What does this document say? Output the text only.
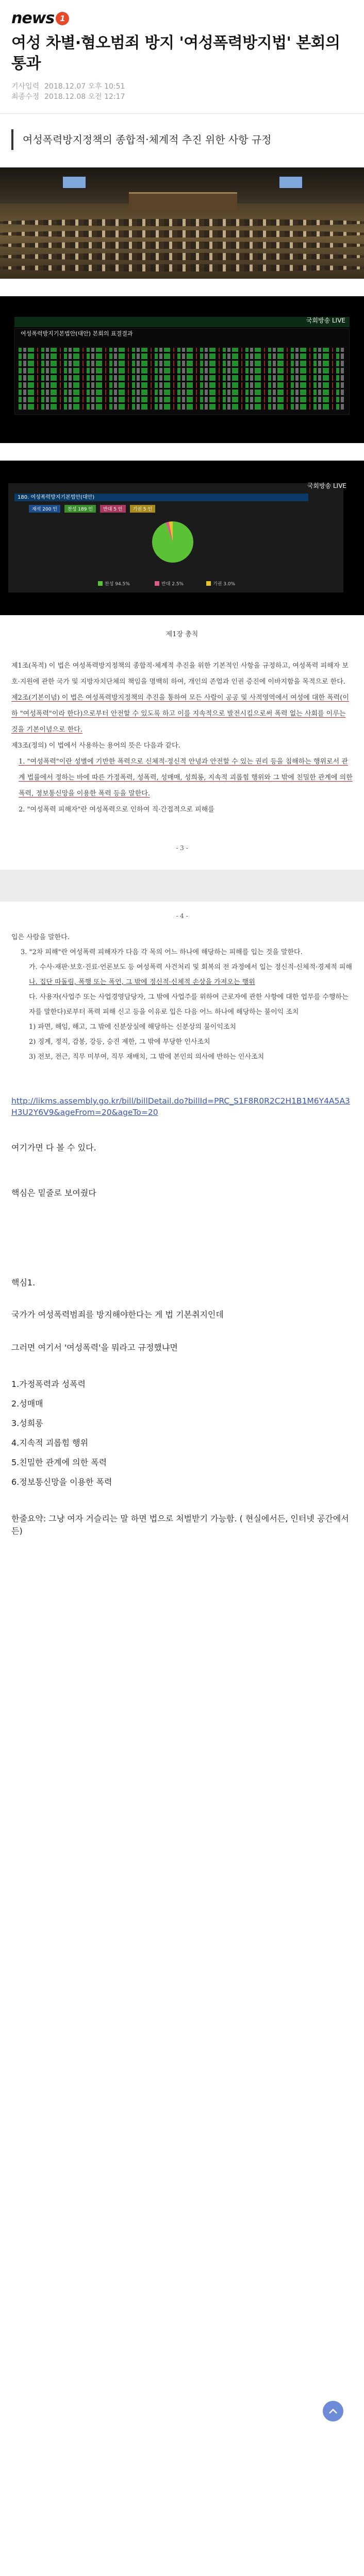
news 1
여성 차별·혐오범죄 방지 '여성폭력방지법' 본회의 통과
기사입력 2018.12.07 오후 10:51
최종수정 2018.12.08 오전 12:17
여성폭력방지정책의 종합적·체계적 추진 위한 사항 규정
여성폭력방지기본법안(대안) 본회의 표결결과
국회방송 LIVE
국회방송 LIVE
180. 여성폭력방지기본법안(대안)
재석 200 인	찬성 189 인	반대 5 인	기권 5 인
찬성 94.5%	반대 2.5%	기권 3.0%
제1장 총칙

제1조(목적) 이 법은 여성폭력방지정책의 종합적·체계적 추진을 위한 기본적인 사항을 규정하고, 여성폭력 피해자 보호·지원에 관한 국가 및 지방자치단체의 책임을 명백히 하여, 개인의 존엄과 인권 증진에 이바지함을 목적으로 한다.

제2조(기본이념) 이 법은 여성폭력방지정책의 추진을 통하여 모든 사람이 공공 및 사적영역에서 여성에 대한 폭력(이하 "여성폭력"이라 한다)으로부터 안전할 수 있도록 하고 이를 지속적으로 발전시킴으로써 폭력 없는 사회를 이루는 것을 기본이념으로 한다.

제3조(정의) 이 법에서 사용하는 용어의 뜻은 다음과 같다.

1. "여성폭력"이란 성별에 기반한 폭력으로 신체적·정신적 안녕과 안전할 수 있는 권리 등을 침해하는 행위로서 관계 법률에서 정하는 바에 따른 가정폭력, 성폭력, 성매매, 성희롱, 지속적 괴롭힘 행위와 그 밖에 친밀한 관계에 의한 폭력, 정보통신망을 이용한 폭력 등을 말한다.

2. "여성폭력 피해자"란 여성폭력으로 인하여 직·간접적으로 피해를

- 3 -
- 4 -

입은 사람을 말한다.

3. "2차 피해"란 여성폭력 피해자가 다음 각 목의 어느 하나에 해당하는 피해를 입는 것을 말한다.

가. 수사·재판·보호·진료·언론보도 등 여성폭력 사건처리 및 회복의 전 과정에서 입는 정신적·신체적·경제적 피해

나. 집단 따돌림, 폭행 또는 폭언, 그 밖에 정신적·신체적 손상을 가져오는 행위

다. 사용자(사업주 또는 사업경영담당자, 그 밖에 사업주를 위하여 근로자에 관한 사항에 대한 업무를 수행하는 자를 말한다)로부터 폭력 피해 신고 등을 이유로 입은 다음 어느 하나에 해당하는 불이익 조치

1) 파면, 해임, 해고, 그 밖에 신분상실에 해당하는 신분상의 불이익조치

2) 징계, 정직, 감봉, 강등, 승진 제한, 그 밖에 부당한 인사조치

3) 전보, 전근, 직무 미부여, 직무 재배치, 그 밖에 본인의 의사에 반하는 인사조치

http://likms.assembly.go.kr/bill/billDetail.do?billId=PRC_S1F8R0R2C2H1B1M6Y4A5A3H3U2Y6V9&ageFrom=20&ageTo=20
여기가면 다 볼 수 있다.
핵심은 밑줄로 보여줬다
핵심1.
국가가 여성폭력범죄를 방지해야한다는 게 법 기본취지인데
그러면 여기서 '여성폭력'을 뭐라고 규정했냐면
1.가정폭력과 성폭력
2.성매매
3.성희롱
4.지속적 괴롭힘 행위
5.친밀한 관계에 의한 폭력
6.정보통신망을 이용한 폭력
한줄요약: 그냥 여자 거슬리는 말 하면 법으로 처벌받기 가능함. ( 현실에서든, 인터넷 공간에서든)
